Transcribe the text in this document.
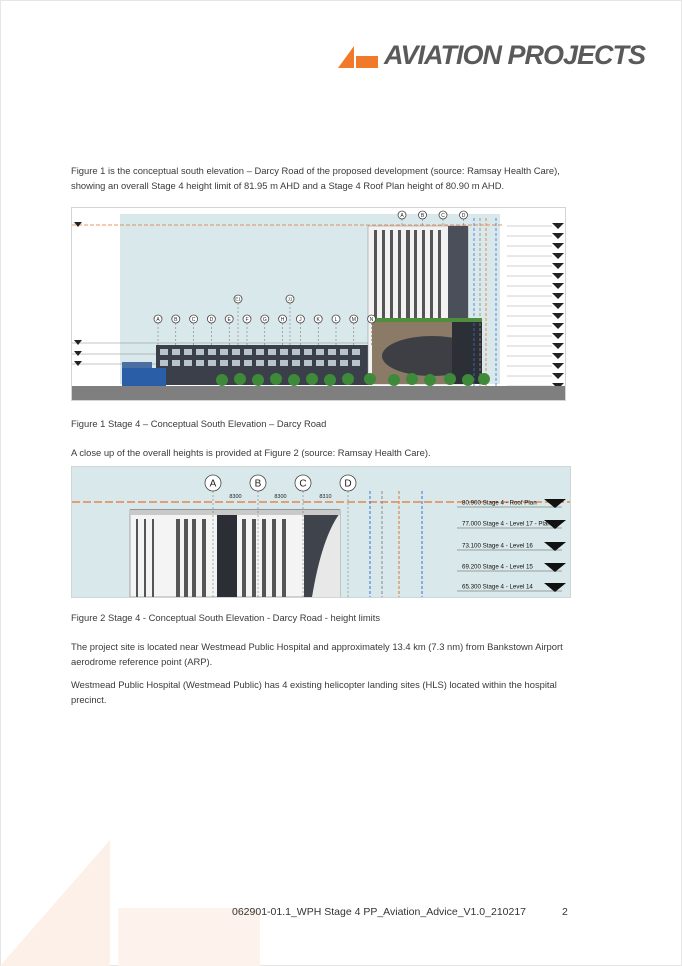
AVIATION PROJECTS
Figure 1 is the conceptual south elevation – Darcy Road of the proposed development (source: Ramsay Health Care), showing an overall Stage 4 height limit of 81.95 m AHD and a Stage 4 Roof Plan height of 80.90 m AHD.
A	B	C	D	E	F	G	H	J	K	L	M	N
A	B	C	D
E1	J1
Figure 1 Stage 4 – Conceptual South Elevation – Darcy Road
A close up of the overall heights is provided at Figure 2 (source: Ramsay Health Care).
A	B	C	D
8300	8300	8310
80.900 Stage 4 - Roof Plan
77.000 Stage 4 - Level 17 - Plant
73.100 Stage 4 - Level 16
69.200 Stage 4 - Level 15
65.300 Stage 4 - Level 14
Figure 2 Stage 4 - Conceptual South Elevation - Darcy Road - height limits
The project site is located near Westmead Public Hospital and approximately 13.4 km (7.3 nm) from Bankstown Airport aerodrome reference point (ARP).
Westmead Public Hospital (Westmead Public) has 4 existing helicopter landing sites (HLS) located within the hospital precinct.
062901-01.1_WPH Stage 4 PP_Aviation_Advice_V1.0_210217	2
